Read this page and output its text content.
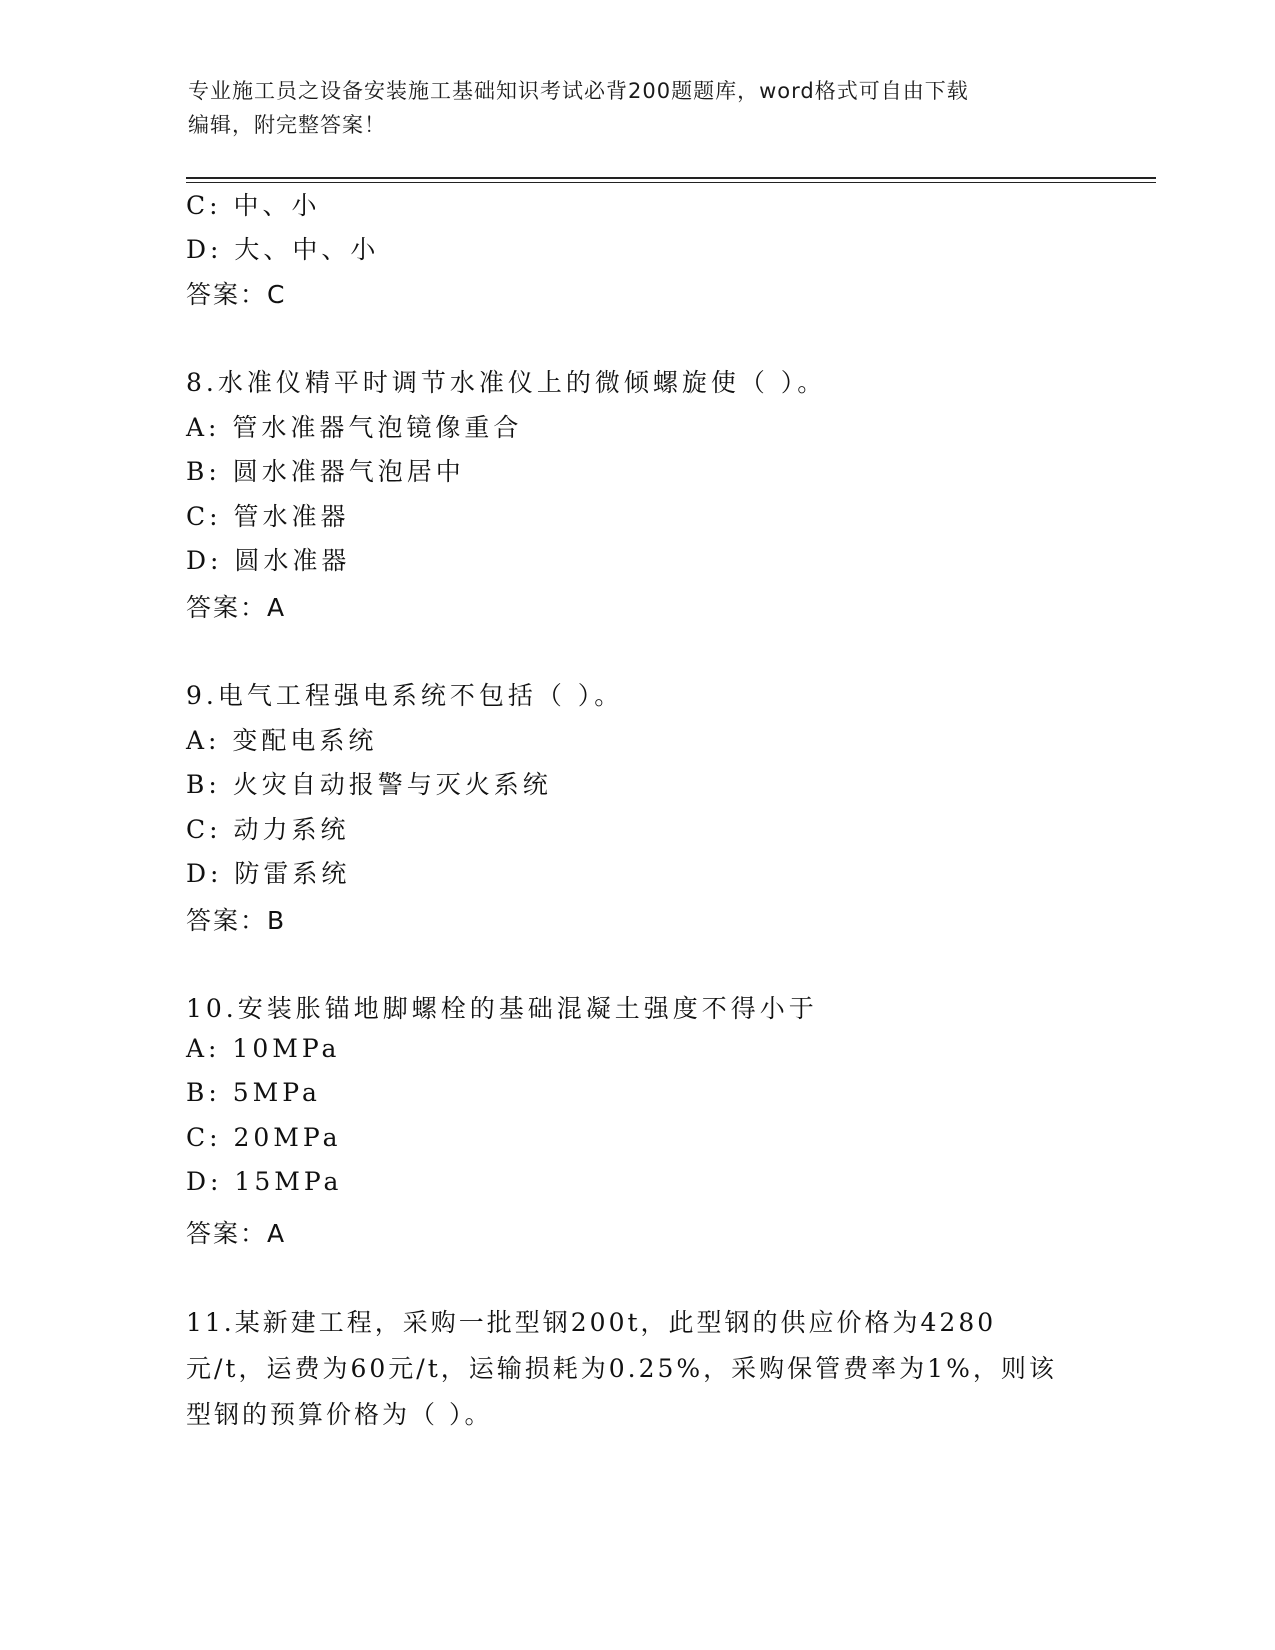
专业施工员之设备安装施工基础知识考试必背200题题库，word格式可自由下载
编辑，附完整答案！
C: 中、小
D: 大、中、小
答案：C
8.水准仪精平时调节水准仪上的微倾螺旋使（ ）。
A: 管水准器气泡镜像重合
B: 圆水准器气泡居中
C: 管水准器
D: 圆水准器
答案：A
9.电气工程强电系统不包括（ ）。
A: 变配电系统
B: 火灾自动报警与灭火系统
C: 动力系统
D: 防雷系统
答案：B
10.安装胀锚地脚螺栓的基础混凝土强度不得小于
A: 10MPa
B: 5MPa
C: 20MPa
D: 15MPa
答案：A
11.某新建工程，采购一批型钢200t，此型钢的供应价格为4280元/t，运费为60元/t，运输损耗为0.25%，采购保管费率为1%，则该型钢的预算价格为（ ）。
